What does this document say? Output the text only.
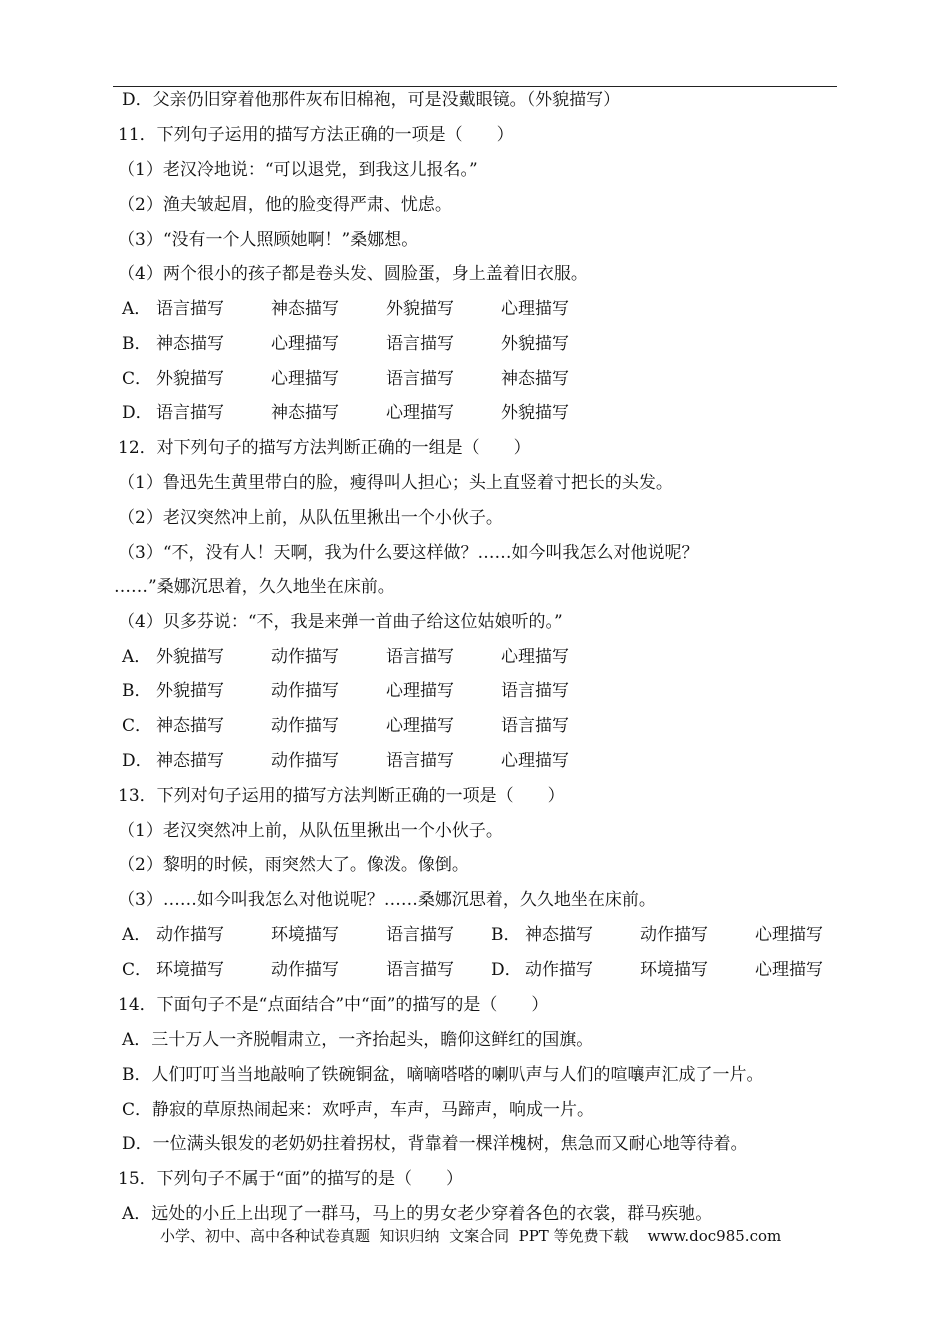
D．父亲仍旧穿着他那件灰布旧棉袍，可是没戴眼镜。（外貌描写）
11．下列句子运用的描写方法正确的一项是（　　）
（1）老汉冷地说：“可以退党，到我这儿报名。”
（2）渔夫皱起眉，他的脸变得严肃、忧虑。
（3）“没有一个人照顾她啊！”桑娜想。
（4）两个很小的孩子都是卷头发、圆脸蛋，身上盖着旧衣服。
A． 语言描写	神态描写	外貌描写	心理描写
B． 神态描写	心理描写	语言描写	外貌描写
C． 外貌描写	心理描写	语言描写	神态描写
D． 语言描写	神态描写	心理描写	外貌描写
12．对下列句子的描写方法判断正确的一组是（　　）
（1）鲁迅先生黄里带白的脸，瘦得叫人担心；头上直竖着寸把长的头发。
（2）老汉突然冲上前，从队伍里揪出一个小伙子。
（3）“不，没有人！天啊，我为什么要这样做？……如今叫我怎么对他说呢？
……”桑娜沉思着，久久地坐在床前。
（4）贝多芬说：“不，我是来弹一首曲子给这位姑娘听的。”
A． 外貌描写	动作描写	语言描写	心理描写
B． 外貌描写	动作描写	心理描写	语言描写
C． 神态描写	动作描写	心理描写	语言描写
D． 神态描写	动作描写	语言描写	心理描写
13．下列对句子运用的描写方法判断正确的一项是（　　）
（1）老汉突然冲上前，从队伍里揪出一个小伙子。
（2）黎明的时候，雨突然大了。像泼。像倒。
（3）……如今叫我怎么对他说呢？……桑娜沉思着，久久地坐在床前。
A． 动作描写	环境描写	语言描写 B． 神态描写	动作描写	心理描写
C． 环境描写	动作描写	语言描写 D． 动作描写	环境描写	心理描写
14．下面句子不是“点面结合”中“面”的描写的是（　　）
A．三十万人一齐脱帽肃立，一齐抬起头，瞻仰这鲜红的国旗。
B．人们叮叮当当地敲响了铁碗铜盆，嘀嘀嗒嗒的喇叭声与人们的喧嚷声汇成了一片。
C．静寂的草原热闹起来：欢呼声，车声，马蹄声，响成一片。
D．一位满头银发的老奶奶拄着拐杖，背靠着一棵洋槐树，焦急而又耐心地等待着。
15．下列句子不属于“面”的描写的是（　　）
A．远处的小丘上出现了一群马，马上的男女老少穿着各色的衣裳，群马疾驰。
小学、初中、高中各种试卷真题  知识归纳  文案合同  PPT 等免费下载    www.doc985.com
